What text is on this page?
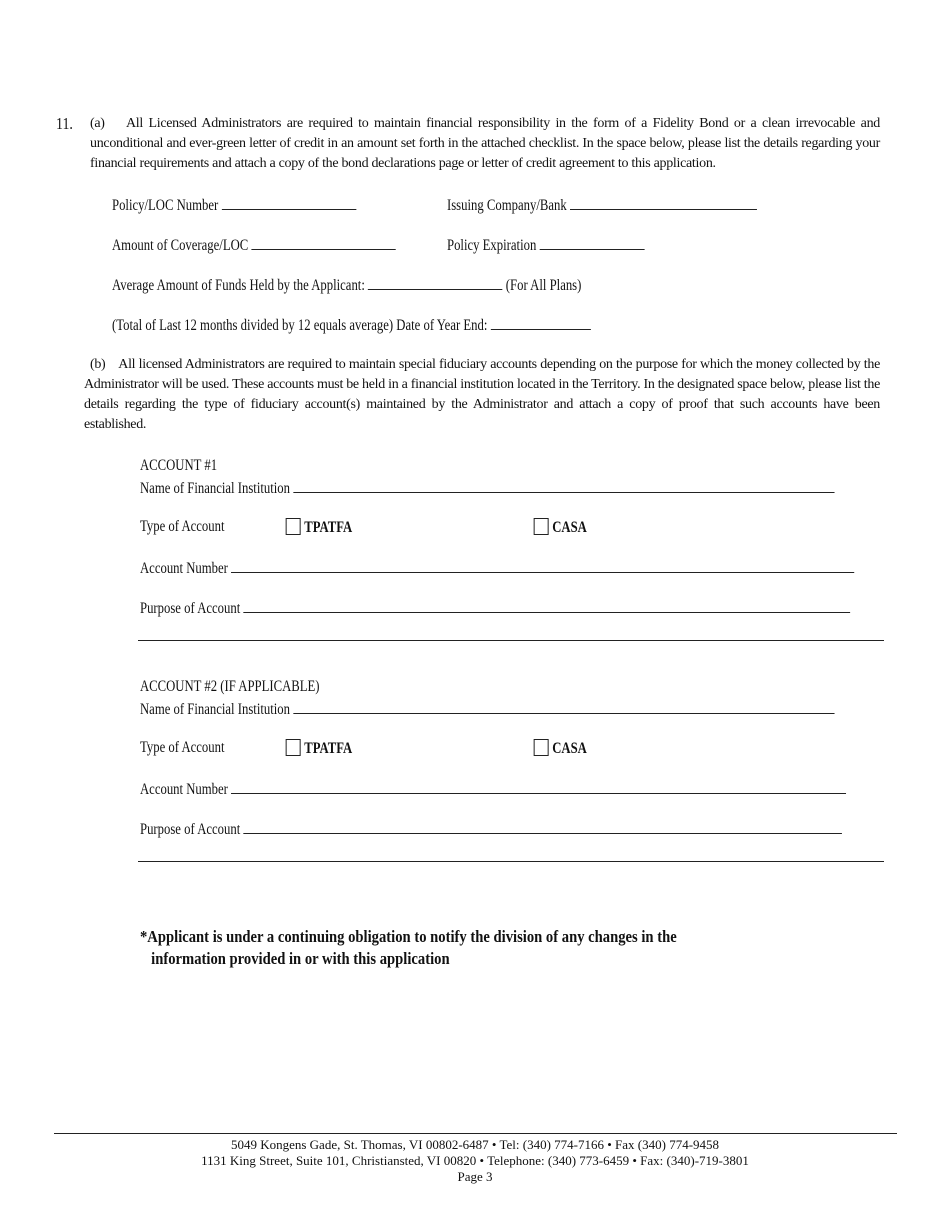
11. (a) All Licensed Administrators are required to maintain financial responsibility in the form of a Fidelity Bond or a clean irrevocable and unconditional and ever-green letter of credit in an amount set forth in the attached checklist. In the space below, please list the details regarding your financial requirements and attach a copy of the bond declarations page or letter of credit agreement to this application.
Policy/LOC Number	Issuing Company/Bank
Amount of Coverage/LOC	Policy Expiration
Average Amount of Funds Held by the Applicant:	(For All Plans)
(Total of Last 12 months divided by 12 equals average) Date of Year End:
(b) All licensed Administrators are required to maintain special fiduciary accounts depending on the purpose for which the money collected by the Administrator will be used. These accounts must be held in a financial institution located in the Territory. In the designated space below, please list the details regarding the type of fiduciary account(s) maintained by the Administrator and attach a copy of proof that such accounts have been established.
ACCOUNT #1
Name of Financial Institution
Type of Account	TPATFA	CASA
Account Number
Purpose of Account
ACCOUNT #2 (IF APPLICABLE)
Name of Financial Institution
Type of Account	TPATFA	CASA
Account Number
Purpose of Account
*Applicant is under a continuing obligation to notify the division of any changes in the
information provided in or with this application
5049 Kongens Gade, St. Thomas, VI 00802-6487 • Tel: (340) 774-7166 • Fax (340) 774-9458
1131 King Street, Suite 101, Christiansted, VI 00820 • Telephone: (340) 773-6459 • Fax: (340)-719-3801
Page 3
